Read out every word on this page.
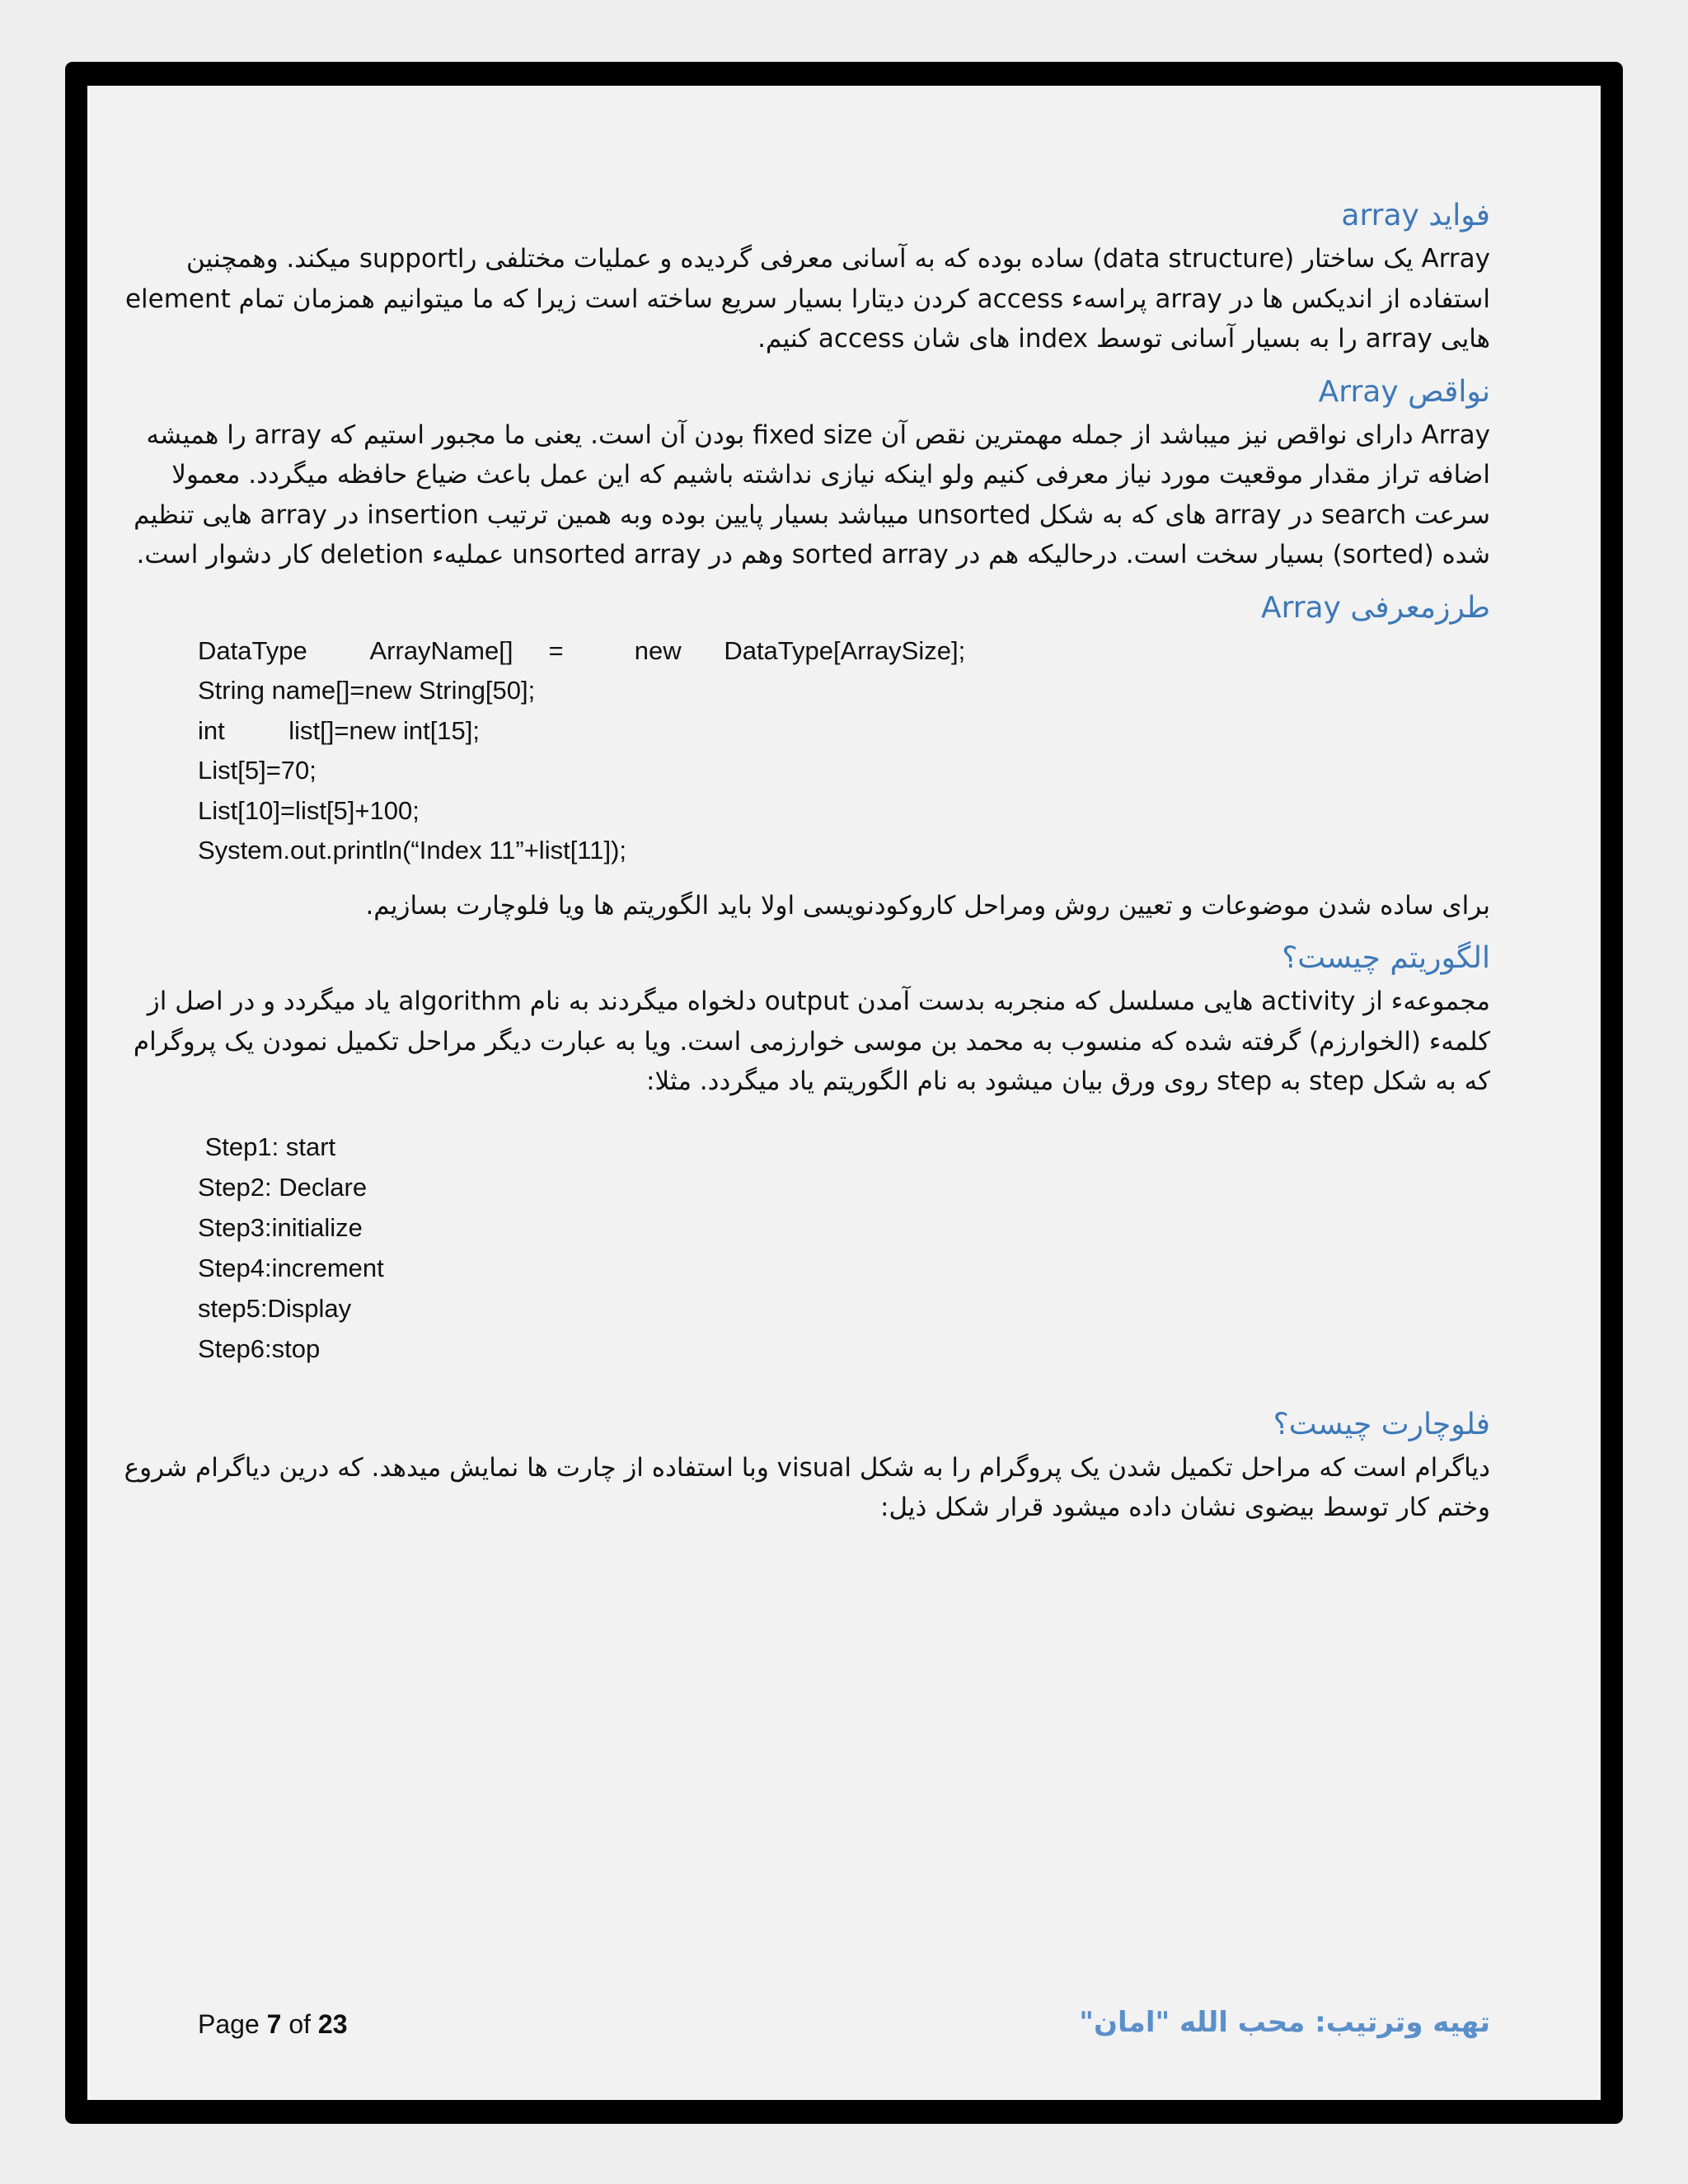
فواید array
Array یک ساختار (data structure) ساده بوده که به آسانی معرفی گردیده و عملیات مختلفی راsupport میکند. وهمچنین
استفاده از اندیکس ها در array پراسهء access کردن دیتارا بسیار سریع ساخته است زیرا که ما میتوانیم همزمان تمام element
هایی array را به بسیار آسانی توسط index های شان access کنیم.
نواقص Array
Array دارای نواقص نیز میباشد از جمله مهمترین نقص آن fixed size بودن آن است. یعنی ما مجبور استیم که array را همیشه
اضافه تراز مقدار موقعیت مورد نیاز معرفی کنیم ولو اینکه نیازی نداشته باشیم که این عمل باعث ضیاع حافظه میگردد. معمولا
سرعت search در array های که به شکل unsorted میباشد بسیار پایین بوده وبه همین ترتیب insertion در array هایی تنظیم
شده (sorted) بسیار سخت است. درحالیکه هم در sorted array وهم در unsorted array عملیهء deletion کار دشوار است.
طرزمعرفی Array
DataType         ArrayName[]     =          new      DataType[ArraySize];
String name[]=new String[50];
int         list[]=new int[15];
List[5]=70;
List[10]=list[5]+100;
System.out.println(“Index 11”+list[11]);
برای ساده شدن موضوعات و تعیین روش ومراحل کاروکودنویسی اولا باید الگوریتم ها ویا فلوچارت بسازیم.
الگوریتم چیست؟
مجموعهء از activity هایی مسلسل که منجربه بدست آمدن output دلخواه میگردند به نام algorithm یاد میگردد و در اصل از
کلمهء (الخوارزم) گرفته شده که منسوب به محمد بن موسی خوارزمی است. ویا به عبارت دیگر مراحل تکمیل نمودن یک پروگرام
که به شکل step به step روی ورق بیان میشود به نام الگوریتم یاد میگردد. مثلا:
Step1: start
Step2: Declare
Step3:initialize
Step4:increment
step5:Display
Step6:stop
فلوچارت چیست؟
دیاگرام است که مراحل تکمیل شدن یک پروگرام را به شکل visual وبا استفاده از چارت ها نمایش میدهد. که درین دیاگرام شروع
وختم کار توسط بیضوی نشان داده میشود قرار شکل ذیل:
Page 7 of 23	تهیه وترتیب: محب الله "امان"
